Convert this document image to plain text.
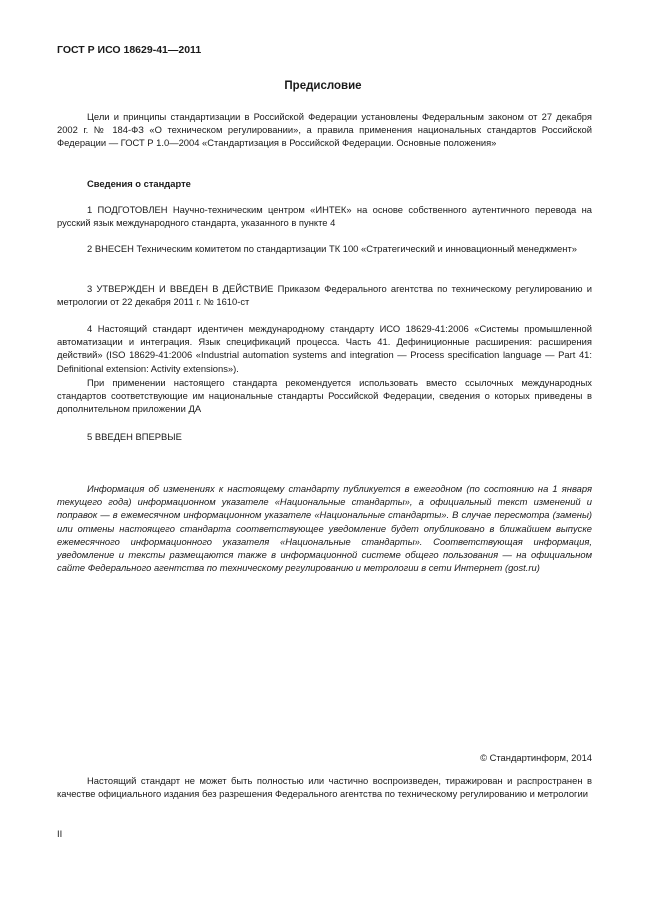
ГОСТ Р ИСО 18629-41—2011
Предисловие
Цели и принципы стандартизации в Российской Федерации установлены Федеральным законом от 27 декабря 2002 г. № 184-ФЗ «О техническом регулировании», а правила применения национальных стандартов Российской Федерации — ГОСТ Р 1.0—2004 «Стандартизация в Российской Федерации. Основные положения»
Сведения о стандарте
1 ПОДГОТОВЛЕН Научно-техническим центром «ИНТЕК» на основе собственного аутентичного перевода на русский язык международного стандарта, указанного в пункте 4
2 ВНЕСЕН Техническим комитетом по стандартизации ТК 100 «Стратегический и инновационный менеджмент»
3 УТВЕРЖДЕН И ВВЕДЕН В ДЕЙСТВИЕ Приказом Федерального агентства по техническому регулированию и метрологии от 22 декабря 2011 г. № 1610-ст
4 Настоящий стандарт идентичен международному стандарту ИСО 18629-41:2006 «Системы промышленной автоматизации и интеграция. Язык спецификаций процесса. Часть 41. Дефиниционные расширения: расширения действий» (ISO 18629-41:2006 «Industrial automation systems and integration — Process specification language — Part 41: Definitional extension: Activity extensions»).
При применении настоящего стандарта рекомендуется использовать вместо ссылочных международных стандартов соответствующие им национальные стандарты Российской Федерации, сведения о которых приведены в дополнительном приложении ДА
5 ВВЕДЕН ВПЕРВЫЕ
Информация об изменениях к настоящему стандарту публикуется в ежегодном (по состоянию на 1 января текущего года) информационном указателе «Национальные стандарты», а официальный текст изменений и поправок — в ежемесячном информационном указателе «Национальные стандарты». В случае пересмотра (замены) или отмены настоящего стандарта соответствующее уведомление будет опубликовано в ближайшем выпуске ежемесячного информационного указателя «Национальные стандарты». Соответствующая информация, уведомление и тексты размещаются также в информационной системе общего пользования — на официальном сайте Федерального агентства по техническому регулированию и метрологии в сети Интернет (gost.ru)
© Стандартинформ, 2014
Настоящий стандарт не может быть полностью или частично воспроизведен, тиражирован и распространен в качестве официального издания без разрешения Федерального агентства по техническому регулированию и метрологии
II
